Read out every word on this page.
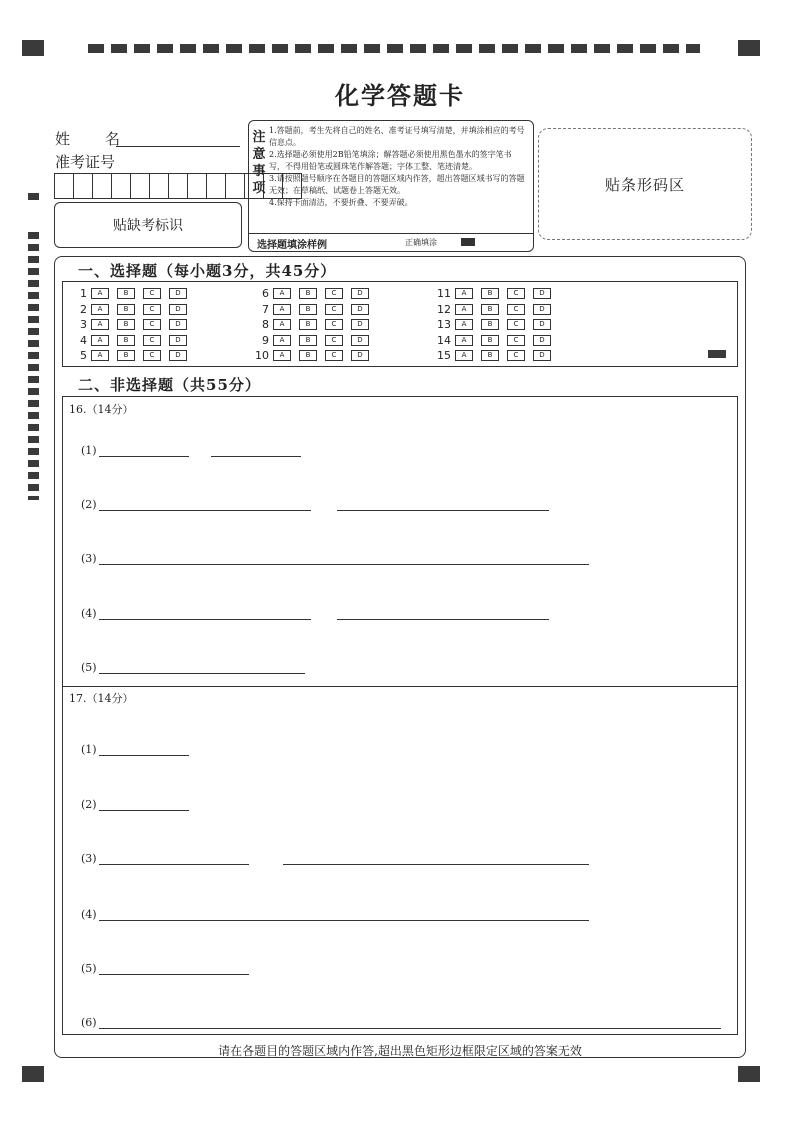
化学答题卡
姓　名
准考证号
贴缺考标识
注
意
事
项
1.答题前，考生先将自己的姓名、准考证号填写清楚，并填涂相应的考号信息点。
2.选择题必须使用2B铅笔填涂；解答题必须使用黑色墨水的签字笔书写，不得用铅笔或圆珠笔作解答题；字体工整、笔迹清楚。
3.请按照题号顺序在各题目的答题区域内作答，超出答题区域书写的答题无效；在草稿纸、试题卷上答题无效。
4.保持卡面清洁，不要折叠、不要弄破。
选择题填涂样例	正确填涂
贴条形码区
一、选择题（每小题3分，共45分）
1	A	B	C	D
2	A	B	C	D
3	A	B	C	D
4	A	B	C	D
5	A	B	C	D
6	A	B	C	D
7	A	B	C	D
8	A	B	C	D
9	A	B	C	D
10	A	B	C	D
11	A	B	C	D
12	A	B	C	D
13	A	B	C	D
14	A	B	C	D
15	A	B	C	D
二、非选择题（共55分）
16.（14分）
(1)
(2)
(3)
(4)
(5)
17.（14分）
(1)
(2)
(3)
(4)
(5)
(6)
请在各题目的答题区域内作答,超出黑色矩形边框限定区域的答案无效
